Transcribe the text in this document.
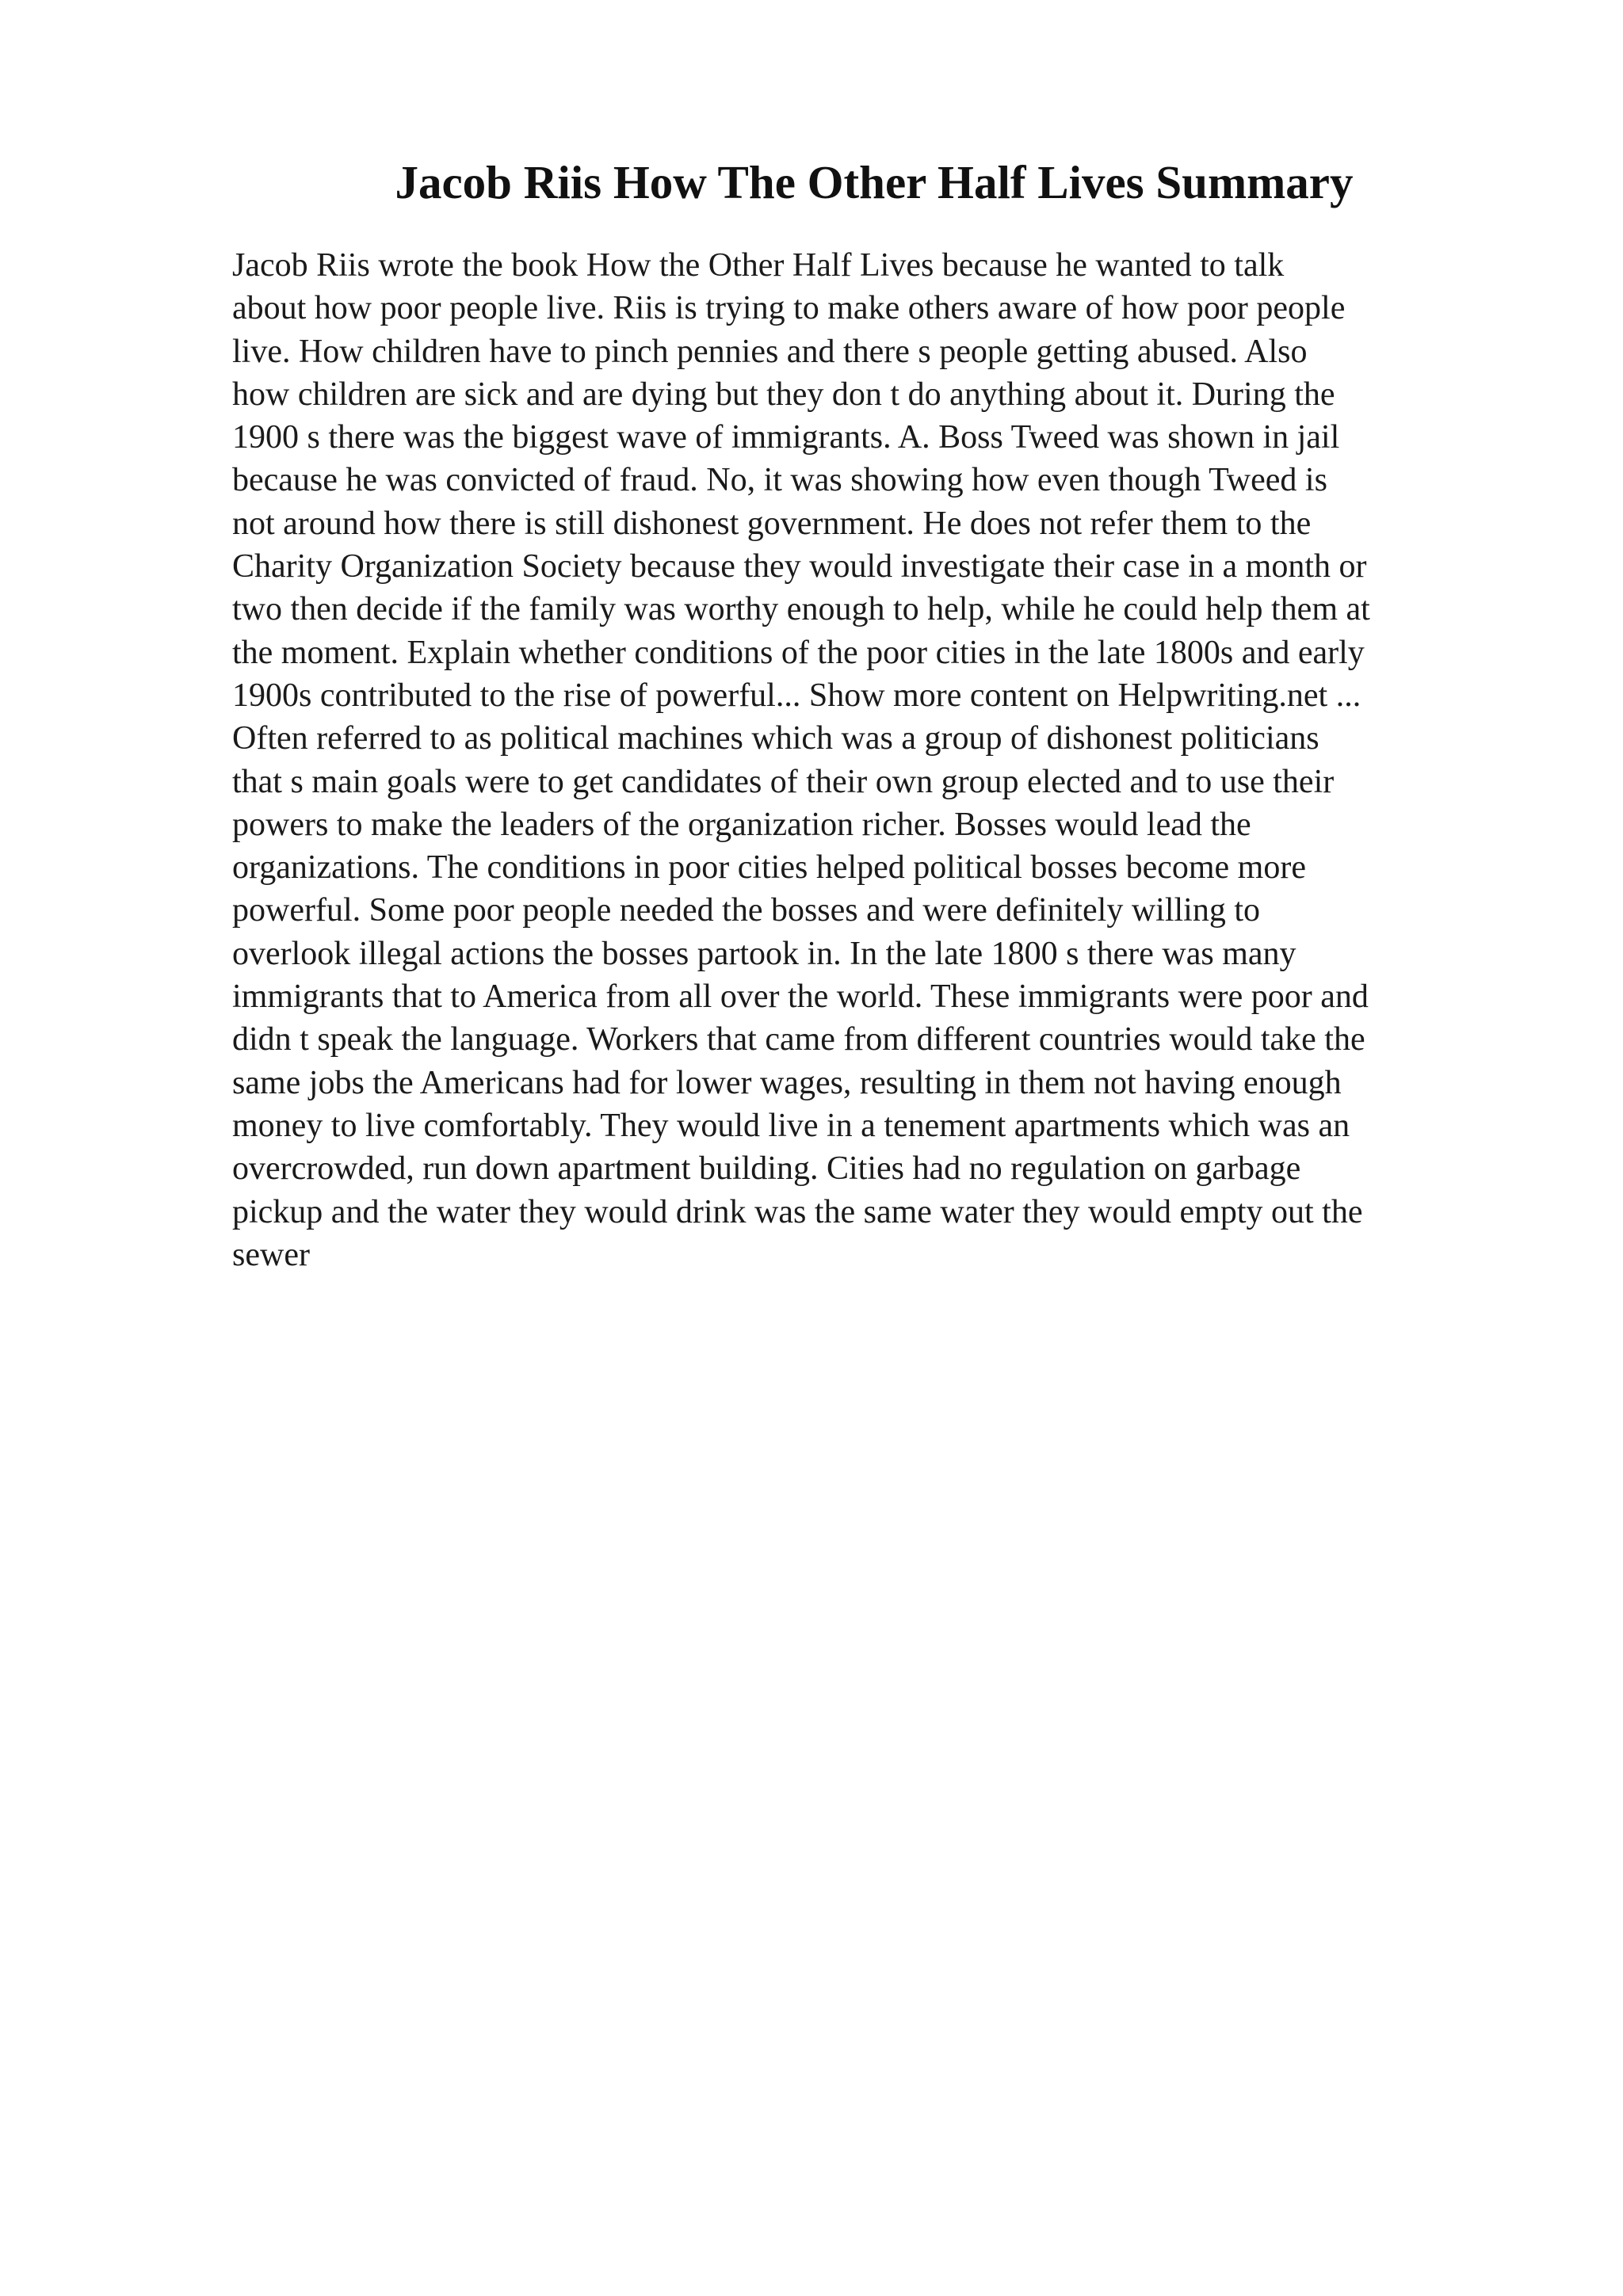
Jacob Riis How The Other Half Lives Summary
Jacob Riis wrote the book How the Other Half Lives because he wanted to talk
about how poor people live. Riis is trying to make others aware of how poor people
live. How children have to pinch pennies and there s people getting abused. Also
how children are sick and are dying but they don t do anything about it. During the
1900 s there was the biggest wave of immigrants. A. Boss Tweed was shown in jail
because he was convicted of fraud. No, it was showing how even though Tweed is
not around how there is still dishonest government. He does not refer them to the
Charity Organization Society because they would investigate their case in a month or
two then decide if the family was worthy enough to help, while he could help them at
the moment. Explain whether conditions of the poor cities in the late 1800s and early
1900s contributed to the rise of powerful... Show more content on Helpwriting.net ...
Often referred to as political machines which was a group of dishonest politicians
that s main goals were to get candidates of their own group elected and to use their
powers to make the leaders of the organization richer. Bosses would lead the
organizations. The conditions in poor cities helped political bosses become more
powerful. Some poor people needed the bosses and were definitely willing to
overlook illegal actions the bosses partook in. In the late 1800 s there was many
immigrants that to America from all over the world. These immigrants were poor and
didn t speak the language. Workers that came from different countries would take the
same jobs the Americans had for lower wages, resulting in them not having enough
money to live comfortably. They would live in a tenement apartments which was an
overcrowded, run down apartment building. Cities had no regulation on garbage
pickup and the water they would drink was the same water they would empty out the
sewer
